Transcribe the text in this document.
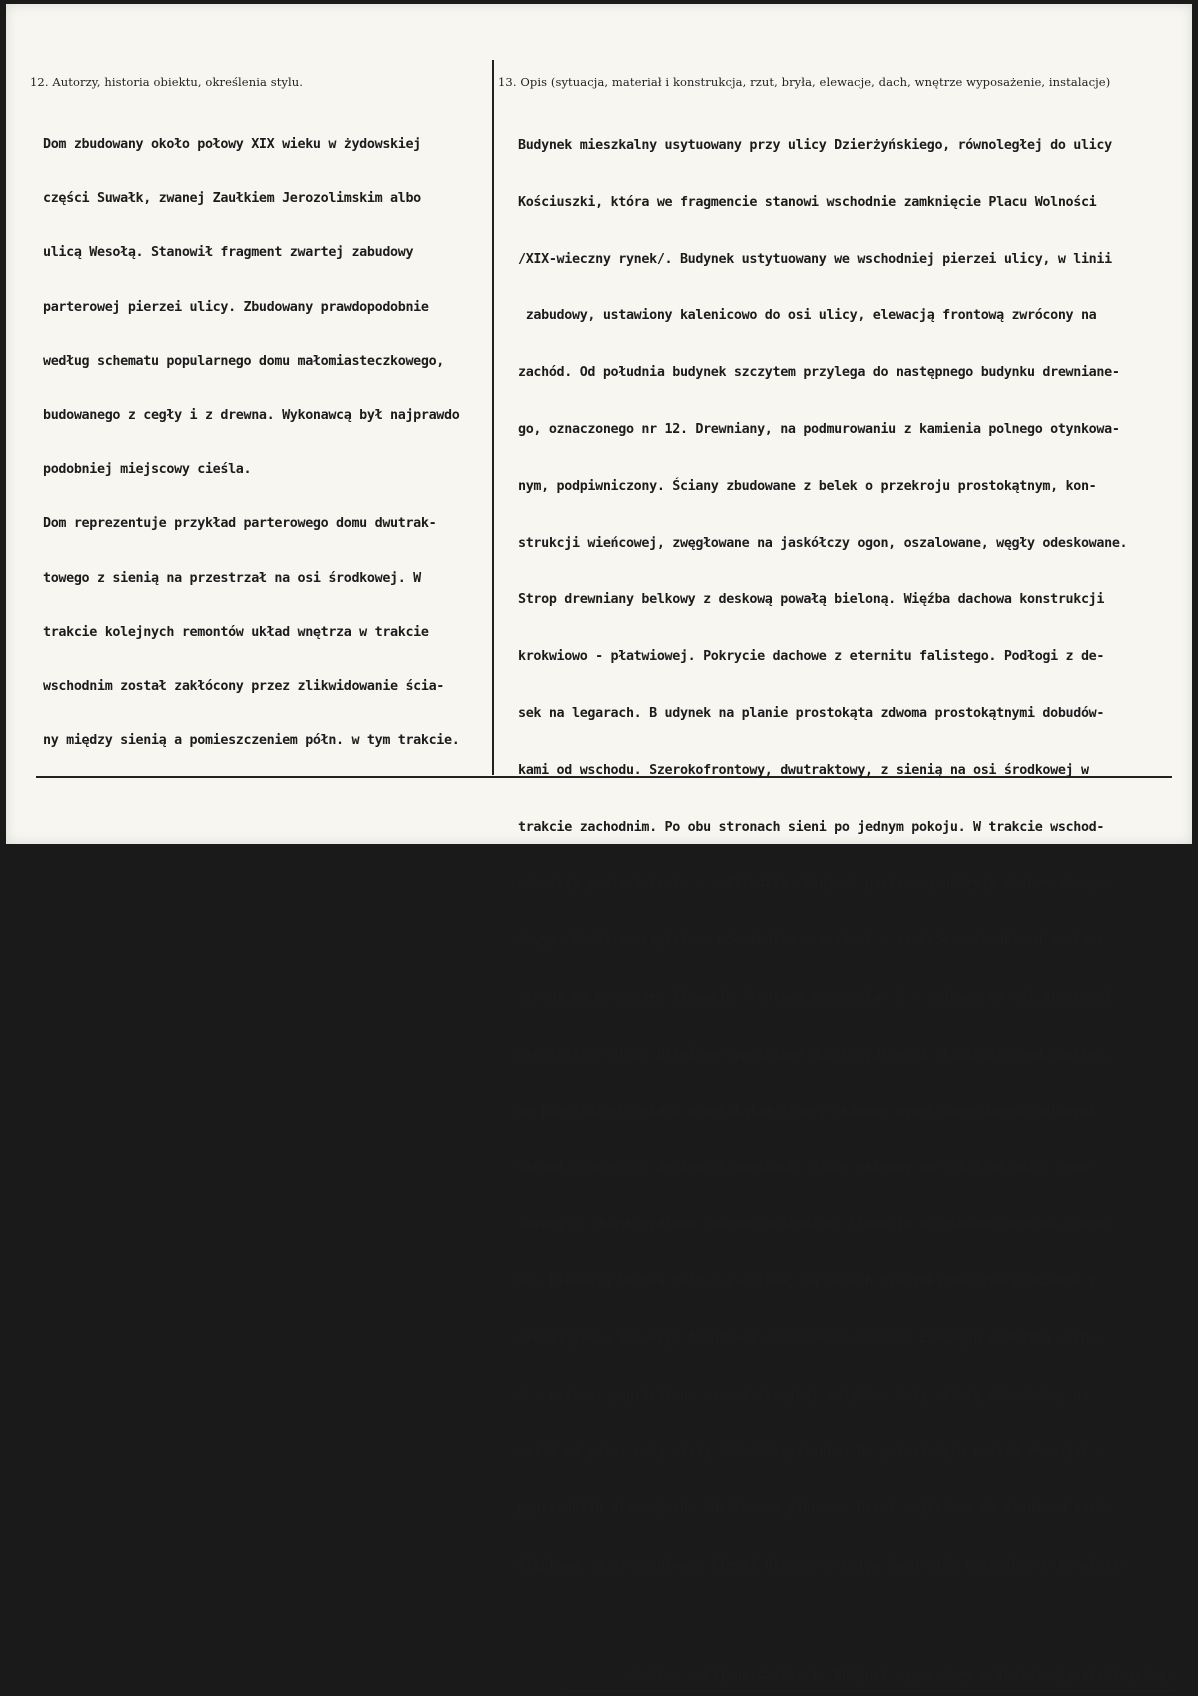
12. Autorzy, historia obiektu, określenia stylu.	13. Opis (sytuacja, materiał i konstrukcja, rzut, bryła, elewacje, dach, wnętrze wyposażenie, instalacje)

Dom zbudowany około połowy XIX wieku w żydowskiej

części Suwałk, zwanej Zaułkiem Jerozolimskim albo

ulicą Wesołą. Stanowił fragment zwartej zabudowy

parterowej pierzei ulicy. Zbudowany prawdopodobnie

według schematu popularnego domu małomiasteczkowego,

budowanego z cegły i z drewna. Wykonawcą był najprawdo

podobniej miejscowy cieśla.

Dom reprezentuje przykład parterowego domu dwutrak-

towego z sienią na przestrzał na osi środkowej. W

trakcie kolejnych remontów układ wnętrza w trakcie

wschodnim został zakłócony przez zlikwidowanie ścia-

ny między sienią a pomieszczeniem półn. w tym trakcie.

Budynek mieszkalny usytuowany przy ulicy Dzierżyńskiego, równoległej do ulicy

Kościuszki, która we fragmencie stanowi wschodnie zamknięcie Placu Wolności

/XIX-wieczny rynek/. Budynek ustytuowany we wschodniej pierzei ulicy, w linii

zabudowy, ustawiony kalenicowo do osi ulicy, elewacją frontową zwrócony na

zachód. Od południa budynek szczytem przylega do następnego budynku drewniane-

go, oznaczonego nr 12. Drewniany, na podmurowaniu z kamienia polnego otynkowa-

nym, podpiwniczony. Ściany zbudowane z belek o przekroju prostokątnym, kon-

strukcji wieńcowej, zwęgłowane na jaskółczy ogon, oszalowane, węgły odeskowane.

Strop drewniany belkowy z deskową powałą bieloną. Więźba dachowa konstrukcji

krokwiowo - płatwiowej. Pokrycie dachowe z eternitu falistego. Podłogi z de-

sek na legarach. B udynek na planie prostokąta zdwoma prostokątnymi dobudów-

kami od wschodu. Szerokofrontowy, dwutraktowy, z sienią na osi środkowej w

trakcie zachodnim. Po obu stronach sieni po jednym pokoju. W trakcie wschod-

nim trzy pomieszczenia w amfiladzie. Budynek parterowy nakryty dachem dwuspa-

dowym. Poddasze częściowo mieszkalne - z sieni w trakcie zachodnim drewniane

schody na poddasze. Elewacja frontowa zachodnia: 5 - osiowa, na osi środkowej

prostokątny otwór drzwiowy wypełniony dwuskrzydłowymi drzwiami z nadświetlem,

na pozostałych osiach prostokątne otwory okienne wypełnione dwuskrzydłowymi

oknami w prostych deskowych opaskach. Otwór okienny na osi 2 od półn. wypo-

sażony w  dwuskrzydłowe spągowe okiennice. Elewacja oszalowana deskami piono-

wo. Elewacja boczna półn.: 2-osiowa, na osiach prostokątne otwory okienne z

oknami jak w elewacji frontowej. Odeskowana pionowo Elewacja wzdłużna wsch.:

4 - osiowa, poprzedzona na osi skrajnej od półn. dużą niższą dobudówką, na

osi 3 od półn. małą niską dobudówką-sionką. Na pozostałych osiach okna jak w

poprzednich elewacjach. Odeskowana pionowo. Drzwi wejściowe do sieni od zach.

klepkowe, dwuskrzydłowe. Klepki ułożone w motyw kwadratów ustawionych na wierz-

chołku, nabijane ćwiekami. Budynek wyposażony w instalację elektryczną.
